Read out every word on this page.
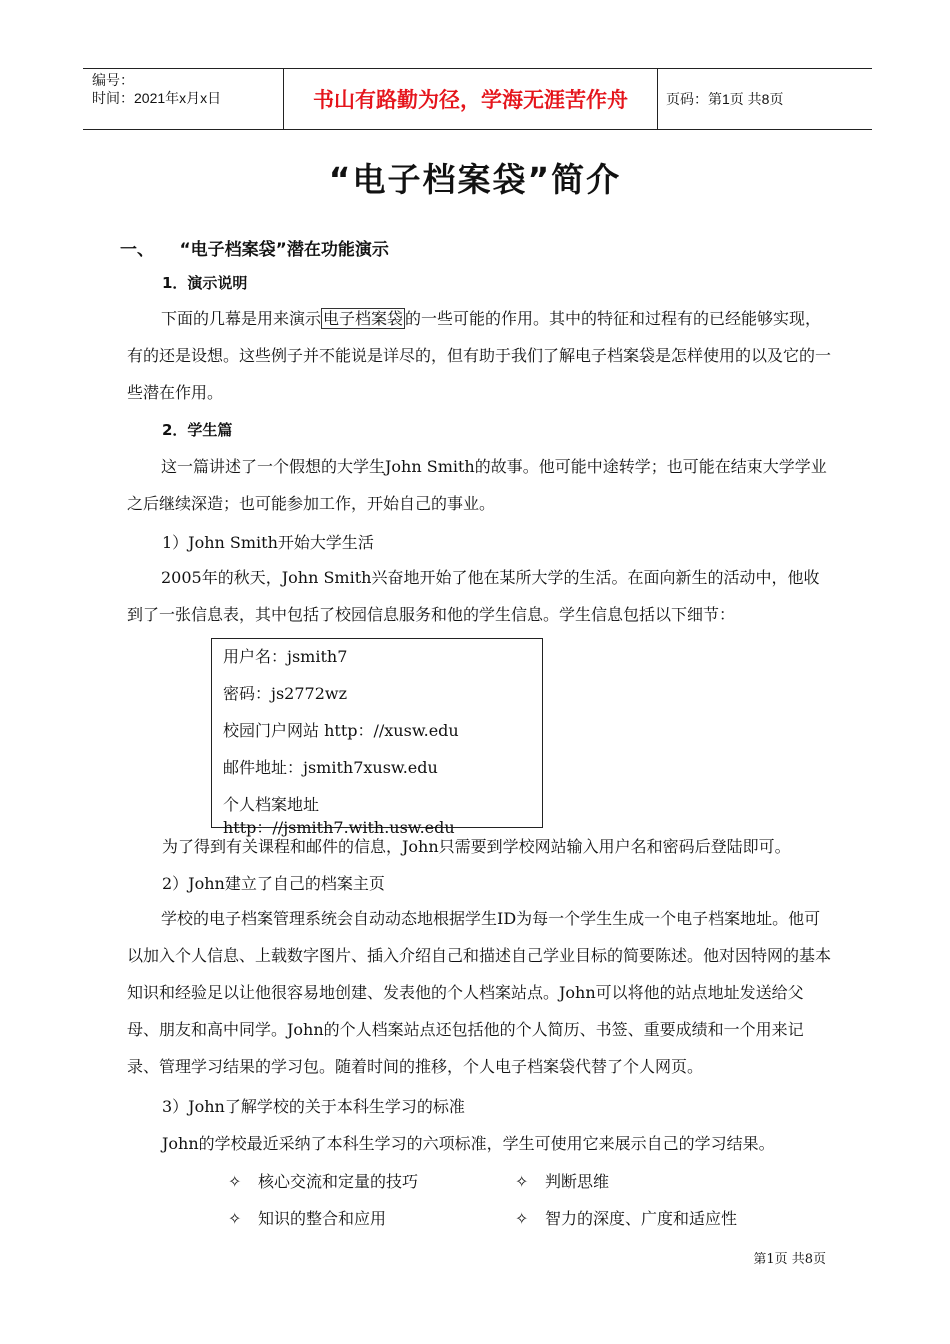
编号：
时间：2021年x月x日	书山有路勤为径，学海无涯苦作舟	页码：第1页 共8页
“电子档案袋”简介
一、　　“电子档案袋”潜在功能演示
1．演示说明
下面的几幕是用来演示 电子档案袋 的一些可能的作用。其中的特征和过程有的已经能够实现，有的还是设想。这些例子并不能说是详尽的，但有助于我们了解电子档案袋是怎样使用的以及它的一些潜在作用。
2．学生篇
这一篇讲述了一个假想的大学生John Smith的故事。他可能中途转学；也可能在结束大学学业之后继续深造；也可能参加工作，开始自己的事业。
1）John Smith开始大学生活
2005年的秋天，John Smith兴奋地开始了他在某所大学的生活。在面向新生的活动中，他收到了一张信息表，其中包括了校园信息服务和他的学生信息。学生信息包括以下细节：
用户名：jsmith7
密码：js2772wz
校园门户网站 http：//xusw.edu
邮件地址：jsmith7xusw.edu
个人档案地址 http：//jsmith7.with.usw.edu
为了得到有关课程和邮件的信息，John只需要到学校网站输入用户名和密码后登陆即可。
2）John建立了自己的档案主页
学校的电子档案管理系统会自动动态地根据学生ID为每一个学生生成一个电子档案地址。他可以加入个人信息、上载数字图片、插入介绍自己和描述自己学业目标的简要陈述。他对因特网的基本知识和经验足以让他很容易地创建、发表他的个人档案站点。John可以将他的站点地址发送给父母、朋友和高中同学。John的个人档案站点还包括他的个人简历、书签、重要成绩和一个用来记录、管理学习结果的学习包。随着时间的推移，个人电子档案袋代替了个人网页。
3）John了解学校的关于本科生学习的标准
John的学校最近采纳了本科生学习的六项标准，学生可使用它来展示自己的学习结果。
✧ 核心交流和定量的技巧	✧ 判断思维
✧ 知识的整合和应用	✧ 智力的深度、广度和适应性
第1页 共8页
